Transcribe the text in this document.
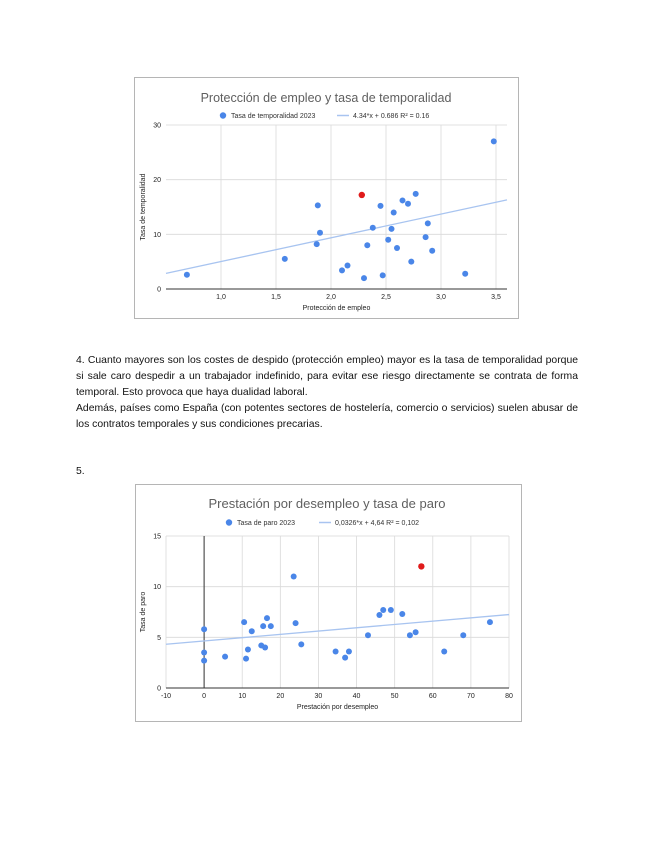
Protección de empleo y tasa de temporalidad
Tasa de temporalidad 2023	4.34*x + 0.686 R² = 0.16
1,0	1,5	2,0	2,5	3,0	3,5
0
10
20
30
Protección de empleo
Tasa de temporalidad

4. Cuanto mayores son los costes de despido (protección empleo) mayor es la tasa de temporalidad porque si sale caro despedir a un trabajador indefinido, para evitar ese riesgo directamente se contrata de forma temporal. Esto provoca que haya dualidad laboral.

Además, países como España (con potentes sectores de hostelería, comercio o servicios) suelen abusar de los contratos temporales y sus condiciones precarias.

5.

Prestación por desempleo y tasa de paro
Tasa de paro 2023	0,0326*x + 4,64 R² = 0,102
-10	0	10	20	30	40	50	60	70	80
0
5
10
15
Prestación por desempleo
Tasa de paro
